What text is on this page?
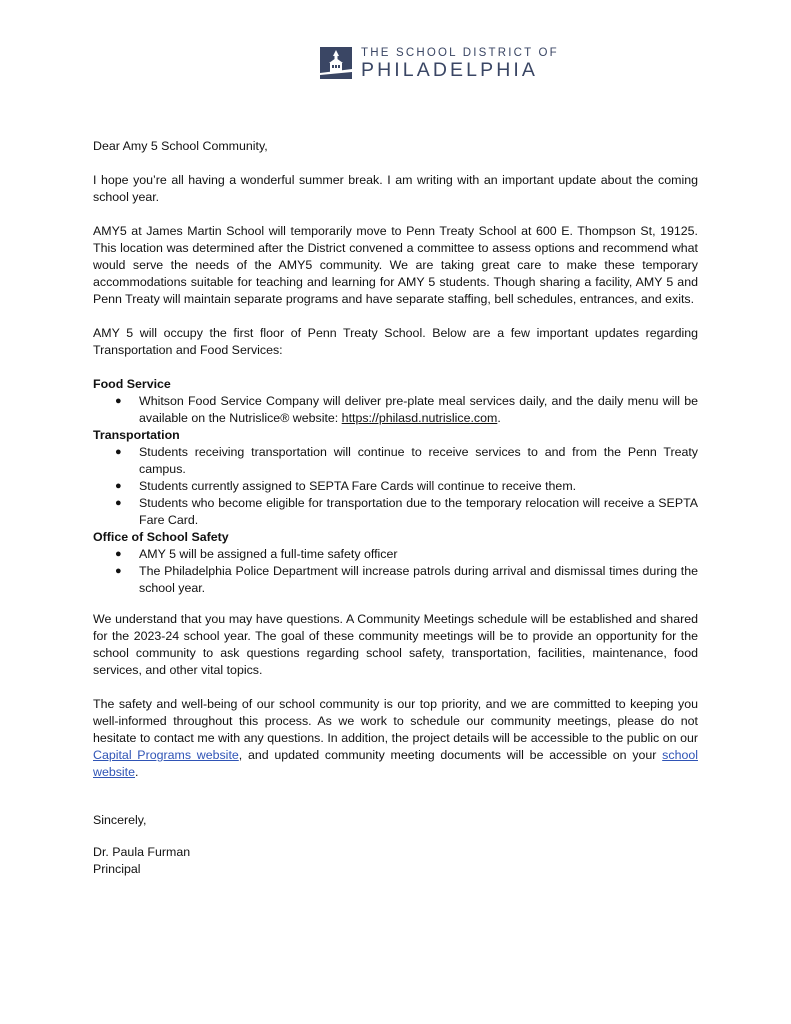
THE SCHOOL DISTRICT OF
PHILADELPHIA

Dear Amy 5 School Community,

I hope you’re all having a wonderful summer break. I am writing with an important update about the coming school year.

AMY5 at James Martin School will temporarily move to Penn Treaty School at 600 E. Thompson St, 19125. This location was determined after the District convened a committee to assess options and recommend what would serve the needs of the AMY5 community. We are taking great care to make these temporary accommodations suitable for teaching and learning for AMY 5 students. Though sharing a facility, AMY 5 and Penn Treaty will maintain separate programs and have separate staffing, bell schedules, entrances, and exits.

AMY 5 will occupy the first floor of Penn Treaty School. Below are a few important updates regarding Transportation and Food Services:

Food Service
● Whitson Food Service Company will deliver pre-plate meal services daily, and the daily menu will be available on the Nutrislice® website: https://philasd.nutrislice.com.
Transportation
● Students receiving transportation will continue to receive services to and from the Penn Treaty campus.
● Students currently assigned to SEPTA Fare Cards will continue to receive them.
● Students who become eligible for transportation due to the temporary relocation will receive a SEPTA Fare Card.
Office of School Safety
● AMY 5 will be assigned a full-time safety officer
● The Philadelphia Police Department will increase patrols during arrival and dismissal times during the school year.

We understand that you may have questions. A Community Meetings schedule will be established and shared for the 2023-24 school year. The goal of these community meetings will be to provide an opportunity for the school community to ask questions regarding school safety, transportation, facilities, maintenance, food services, and other vital topics.

The safety and well-being of our school community is our top priority, and we are committed to keeping you well-informed throughout this process. As we work to schedule our community meetings, please do not hesitate to contact me with any questions. In addition, the project details will be accessible to the public on our Capital Programs website, and updated community meeting documents will be accessible on your school website.

Sincerely,

Dr. Paula Furman

Principal
